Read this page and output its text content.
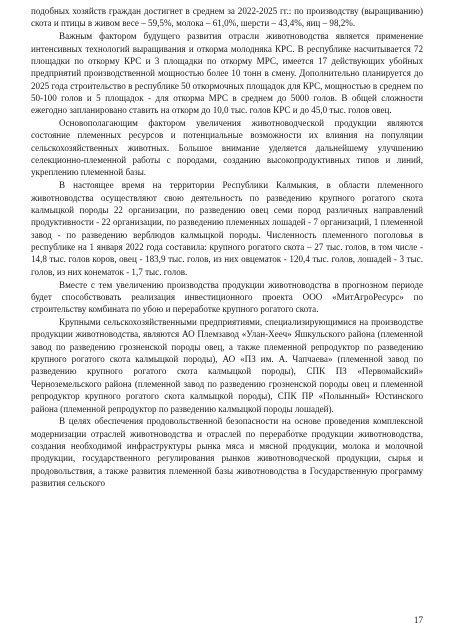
подобных хозяйств граждан достигнет в среднем за 2022-2025 гг.: по производству (выращиванию) скота и птицы в живом весе – 59,5%, молока – 61,0%, шерсти – 43,4%, яиц – 98,2%.

Важным фактором будущего развития отрасли животноводства является применение интенсивных технологий выращивания и откорма молодняка КРС. В республике насчитывается 72 площадки по откорму КРС и 3 площадки по откорму МРС, имеется 17 действующих убойных предприятий производственной мощностью более 10 тонн в смену. Дополнительно планируется до 2025 года строительство в республике 50 откормочных площадок для КРС, мощностью в среднем по 50-100 голов и 5 площадок - для откорма МРС в среднем до 5000 голов. В общей сложности ежегодно запланировано ставить на откорм до 10,0 тыс. голов КРС и до 45,0 тыс. голов овец.

Основополагающим фактором увеличения животноводческой продукции являются состояние племенных ресурсов и потенциальные возможности их влияния на популяции сельскохозяйственных животных. Большое внимание уделяется дальнейшему улучшению селекционно-племенной работы с породами, созданию высокопродуктивных типов и линий, укреплению племенной базы.

В настоящее время на территории Республики Калмыкия, в области племенного животноводства осуществляют свою деятельность по разведению крупного рогатого скота калмыцкой породы 22 организации, по разведению овец семи пород различных направлений продуктивности - 22 организации, по разведению племенных лошадей - 7 организаций, 1 племенной завод - по разведению верблюдов калмыцкой породы. Численность племенного поголовья в республике на 1 января 2022 года составила: крупного рогатого скота – 27 тыс. голов, в том числе - 14,8 тыс. голов коров, овец - 183,9 тыс. голов, из них овцематок - 120,4 тыс. голов, лошадей - 3 тыс. голов, из них конематок - 1,7 тыс. голов.

Вместе с тем увеличению производства продукции животноводства в прогнозном периоде будет способствовать реализация инвестиционного проекта ООО «МитАгроРесурс» по строительству комбината по убою и переработке крупного рогатого скота.

Крупными сельскохозяйственными предприятиями, специализирующимися на производстве продукции животноводства, являются АО Племзавод «Улан-Хееч» Яшкульского района (племенной завод по разведению грозненской породы овец, а также племенной репродуктор по разведению крупного рогатого скота калмыцкой породы), АО «ПЗ им. А. Чапчаева» (племенной завод по разведению крупного рогатого скота калмыцкой породы), СПК ПЗ «Первомайский» Черноземельского района (племенной завод по разведению грозненской породы овец и племенной репродуктор крупного рогатого скота калмыцкой породы), СПК ПР «Полынный» Юстинского района (племенной репродуктор по разведению калмыцкой породы лошадей).

В целях обеспечения продовольственной безопасности на основе проведения комплексной модернизации отраслей животноводства и отраслей по переработке продукции животноводства, создания необходимой инфраструктуры рынка мяса и мясной продукции, молока и молочной продукции, государственного регулирования рынков животноводческой продукции, сырья и продовольствия, а также развития племенной базы животноводства в Государственную программу развития сельского

17
